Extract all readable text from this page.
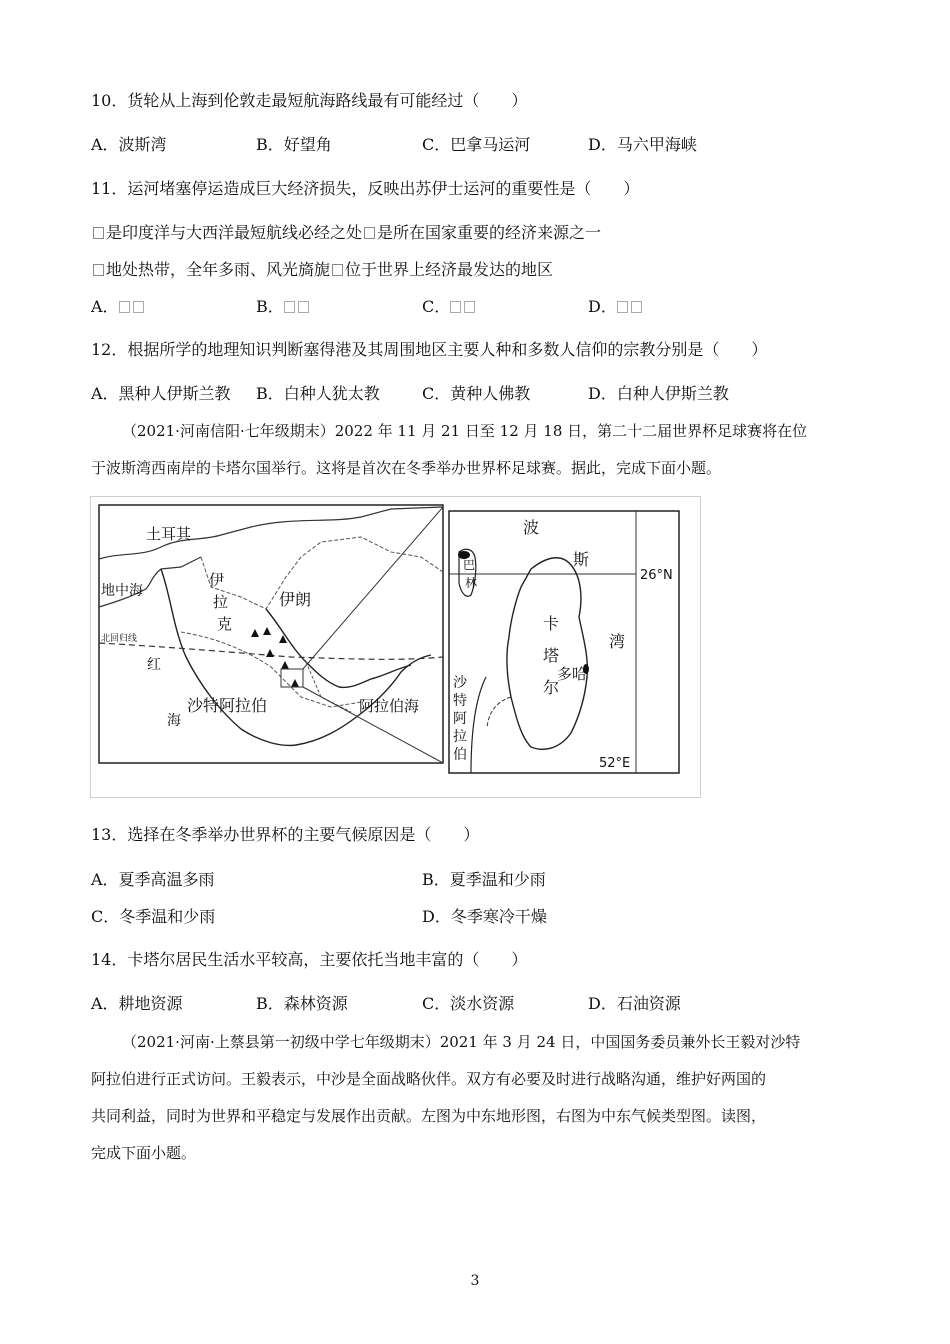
10．货轮从上海到伦敦走最短航海路线最有可能经过（　　）
A．波斯湾	B．好望角	C．巴拿马运河	D．马六甲海峡
11．运河堵塞停运造成巨大经济损失，反映出苏伊士运河的重要性是（　　）
是印度洋与大西洋最短航线必经之处 是所在国家重要的经济来源之一
地处热带，全年多雨、风光旖旎 位于世界上经济最发达的地区
A．	B．	C．	D．
12．根据所学的地理知识判断塞得港及其周围地区主要人种和多数人信仰的宗教分别是（　　）
A．黑种人伊斯兰教 B．白种人犹太教	C．黄种人佛教	D．白种人伊斯兰教
（2021·河南信阳·七年级期末）2022 年 11 月 21 日至 12 月 18 日，第二十二届世界杯足球赛将在位
于波斯湾西南岸的卡塔尔国举行。这将是首次在冬季举办世界杯足球赛。据此，完成下面小题。
土耳其
地中海
伊
拉
克
伊朗
北回归线
红
海
沙特阿拉伯	阿拉伯海
波
斯
湾
巴
林
卡
塔
尔
多哈
沙
特
阿
拉
伯
26°N
52°E
13．选择在冬季举办世界杯的主要气候原因是（　　）
A．夏季高温多雨	B．夏季温和少雨
C．冬季温和少雨	D．冬季寒冷干燥
14．卡塔尔居民生活水平较高，主要依托当地丰富的（　　）
A．耕地资源	B．森林资源	C．淡水资源	D．石油资源
（2021·河南·上蔡县第一初级中学七年级期末）2021 年 3 月 24 日，中国国务委员兼外长王毅对沙特
阿拉伯进行正式访问。王毅表示，中沙是全面战略伙伴。双方有必要及时进行战略沟通，维护好两国的
共同利益，同时为世界和平稳定与发展作出贡献。左图为中东地形图，右图为中东气候类型图。读图，
完成下面小题。
3
